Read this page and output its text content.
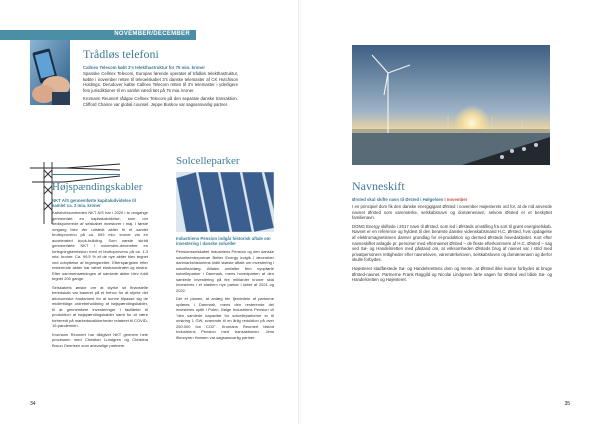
NOVEMBER/DECEMBER
Trådløs telefoni
Callnex Telecom købt 3's telekthastruktur for 75 mio. kroner

Spanske Cellnex Telecom, Europas førende operatør af trådløs telekthastruktur, købte i november retten til teleoelskabet 3's danske telemaster af CK Hutchison Holdings. Derudover købte Callnex Telecom retten til 3's telemaster i yderligere fem jurisdiktioner til en samlet værdi tæt på 75 mia. kroner.

Kromann Reumert rådgav Cellnex Telecom på den separate danske transaktion. Clifford Chance var global counsel. Jeppe Buskov var sagsansvarlig partner.

Højspændingskabler
NKT A/S gennemførte kapitaludvidelse til samlet ca. 2 mia. kroner

Kabelvirksomheden NKT A/S har i 2020 i to omgange gennemført en kapitaludvidelse, som om dedisponerede af selskabet investorer i maj. I første omgang blev der udstedt aktier til et samlet bruttoprovenu på ca. 693 mio. kroner via en accelerated book-building. Som næste skridt gennemførte NKT i november-december en fortegningsemission med et bruttoprovenu på ca. 1,3 mia. kroner. Ca. 99,5 % af de nye aktier blev tegnet ved udnyttelse af tegningsretter. Efterspørgslen efter resterende aktier har været ekstraordinært og ekstra. Efter sammensætningen af samlede aktier blev fuldt tegnet 200 gange.

Selskabets ønske om at styrke sit finansielle beredskab var baseret på et behov for at styrke det økonomiske fundament for at kunne tilpasse sig de midlertidige ordrebeholdning af højspændingskabler, til at gennemføre investeringer i faciliteter til produktion af højspændingskabler samt for at være forberedt på markedsusikkerheder relateret til COVID-19-pandemien.

Kromann Reumert har rådgivet NKT gennem hele processen med Christian Lundgren og Christina Bruun Geertsen som ansvarlige partnere.

Solcelleparker
Industriens Pension indgår historisk aftale om investering i danske solceller

Pensionsselskabet Industriens Pension og den danske solcelleentreprenør Better Energy indgik i december danmarkshistoriens hidtil største aftale om investering i solcelleanlæg. Aftalen omfatter fem nyopførte solcelleparker i Danmark, mens hovedparten af den samlede investering på fire milliarder kroner skal investeres i et stadiem nye parker i løbet af 2021 og 2022.

Det er planen, at anlæg trin fjerdedele af parkerne opføres i Danmark, mens den resterende del investeres uptill i Polen. Ifølge Industriens Pension vil "den samlede kapacitet for solcelleparkerne er til omkring 1 GW, svarende til en årlig reduktion på over 250.000 ton CO2". Kromann Reumert bistod Industriens Pension med transaktionen. Jens Ifkmoyren Hansen var sagsansvarlig partner.

34
Navneskift
Ørsted skal skifte navn til Ørsted i Hølgelsen I november

I en principiel dom fik den danske energigigant Ørsted i november Højesterets ord for, at de må anvende navnet Ørsted som varemærke, selskabsnavn og domænenavn, selvom Ørsted er et beskyttet familienavn.

DONG Energy skiftede i 2017 navn til Ørsted, som led i Ørsteds omstilling fra sort til grønt energiselskab. Navnet er en reference og hyldest til den berømte danske videnskabsmand H.C. Ørsted, hvis opdagelse af elektromagnetismen danner grundlag for el-produktion og dermed Ørsteds hovedaktivitet. Kort efter navneskiftet anlagde pr. personer med efternavnet Ørsted – de fleste efterkommere af H.C. Ørsted – sag ved Sø- og Handelsretten med påstand om, at virksomheden Ørsteds brug af navnet var i strid med privatpersoners rettigheder efter navneloven, varemærkeloven, selskabsloven og domænenavn og derfor skulle forbydes.

Højesteret stadfæstede Sø- og Handelsrettens dom og mente, at Ørsted ikke kunne forbydes at bruge Ørsted-navnet. Partnerne Frank Røggild og Nicolai Lindgreen førte sagen for Ørsted ved både Sø- og Handelsretten og Højesteret.

35
